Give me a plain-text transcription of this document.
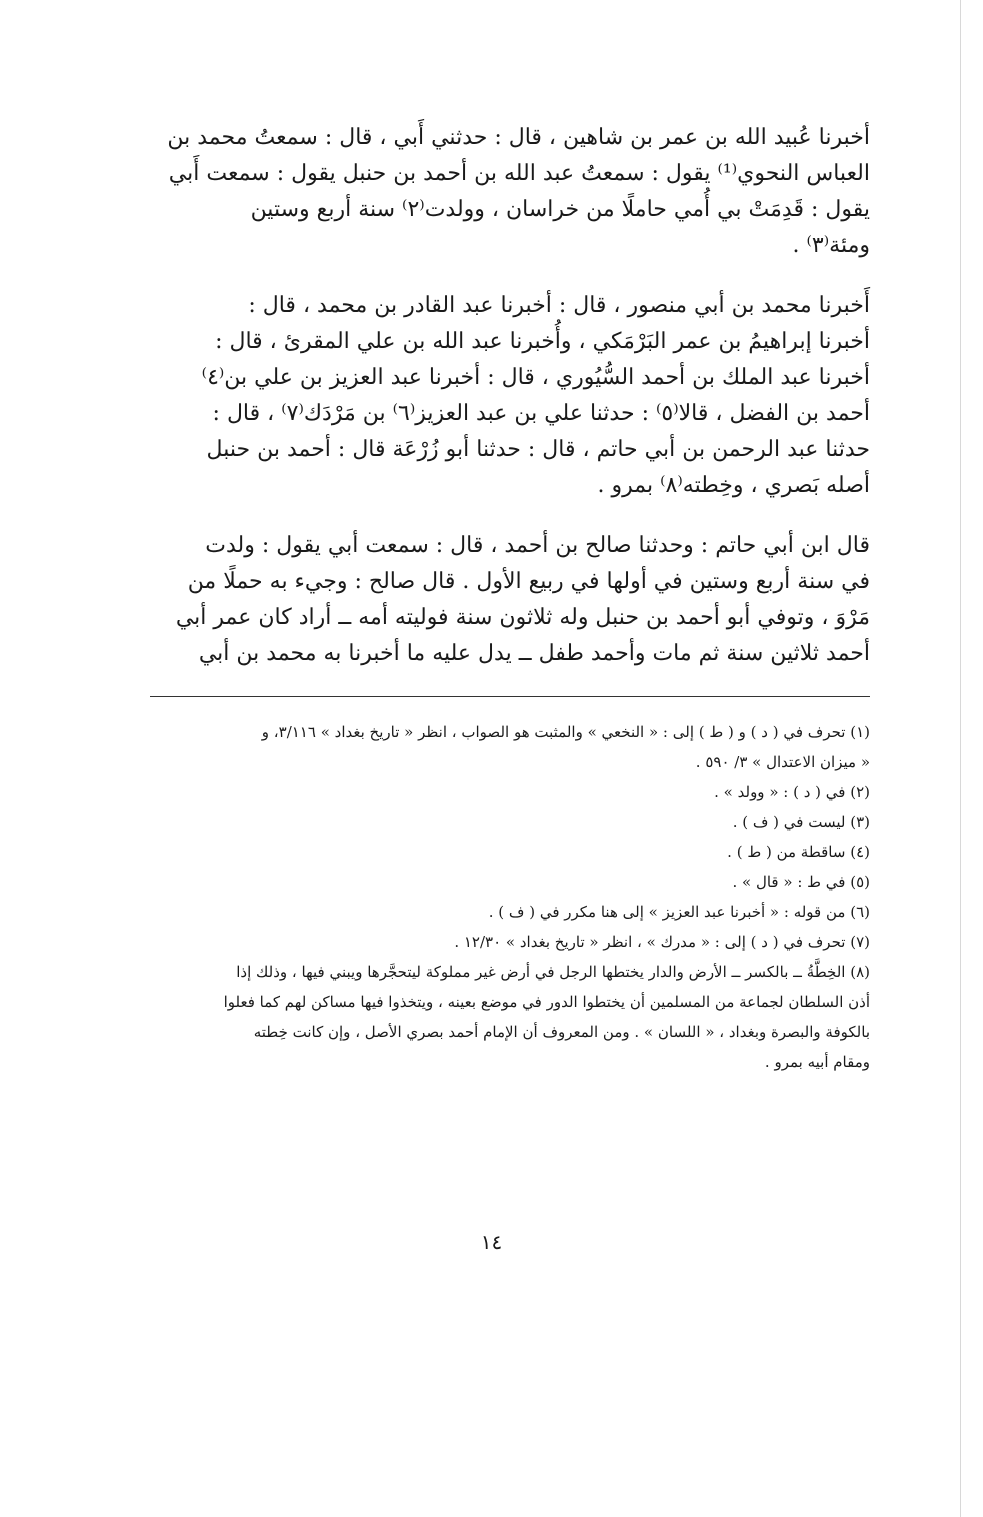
أخبرنا عُبيد الله بن عمر بن شاهين ، قال : حدثني أَبي ، قال : سمعتُ محمد بن

العباس النحوي⁽¹⁾ يقول : سمعتُ عبد الله بن أحمد بن حنبل يقول : سمعت أَبي

يقول : قَدِمَتْ بي أُمي حاملًا من خراسان ، وولدت⁽٢⁾ سنة أربع وستين

ومئة⁽٣⁾ .

أَخبرنا محمد بن أبي منصور ، قال : أخبرنا عبد القادر بن محمد ، قال :

أخبرنا إبراهيمُ بن عمر البَرْمَكي ، وأُخبرنا عبد الله بن علي المقرئ ، قال :

أخبرنا عبد الملك بن أحمد السُّيُوري ، قال : أخبرنا عبد العزيز بن علي بن⁽٤⁾

أحمد بن الفضل ، قالا⁽٥⁾ : حدثنا علي بن عبد العزيز⁽٦⁾ بن مَرْدَك⁽٧⁾ ، قال :

حدثنا عبد الرحمن بن أبي حاتم ، قال : حدثنا أبو زُرْعَة قال : أحمد بن حنبل

أصله بَصري ، وخِطته⁽٨⁾ بمرو .

قال ابن أبي حاتم : وحدثنا صالح بن أحمد ، قال : سمعت أبي يقول : ولدت

في سنة أربع وستين في أولها في ربيع الأول . قال صالح : وجيء به حملًا من

مَرْوَ ، وتوفي أبو أحمد بن حنبل وله ثلاثون سنة فوليته أمه ــ أراد كان عمر أبي

أحمد ثلاثين سنة ثم مات وأحمد طفل ــ يدل عليه ما أخبرنا به محمد بن أبي

(١) تحرف في ( د ) و ( ط ) إلى : « النخعي » والمثبت هو الصواب ، انظر « تاريخ بغداد » ٣/١١٦، و
« ميزان الاعتدال » ٣/ ٥٩٠ .
(٢) في ( د ) : « وولد » .
(٣) ليست في ( ف ) .
(٤) ساقطة من ( ط ) .
(٥) في ط : « قال » .
(٦) من قوله : « أخبرنا عبد العزيز » إلى هنا مكرر في ( ف ) .
(٧) تحرف في ( د ) إلى : « مدرك » ، انظر « تاريخ بغداد » ١٢/٣٠ .
(٨) الخِطَّةُ ــ بالكسر ــ الأرض والدار يختطها الرجل في أرض غير مملوكة ليتحجَّرها ويبني فيها ، وذلك إذا
أذن السلطان لجماعة من المسلمين أن يختطوا الدور في موضع بعينه ، ويتخذوا فيها مساكن لهم كما فعلوا
بالكوفة والبصرة وبغداد ، « اللسان » . ومن المعروف أن الإمام أحمد بصري الأصل ، وإن كانت خِطته
ومقام أبيه بمرو .
١٤
